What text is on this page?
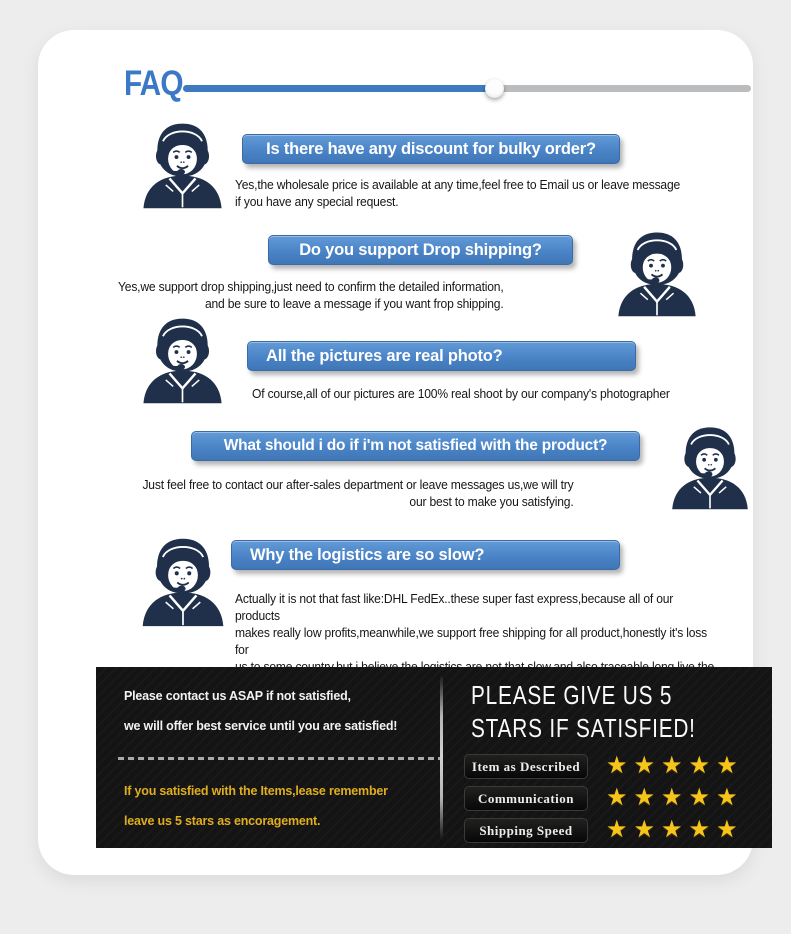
FAQ
Is there have any discount for bulky order?
Yes,the wholesale price is available at any time,feel free to Email us or leave message
if you have any special request.
Do you support Drop shipping?
Yes,we support drop shipping,just need to confirm the detailed information,
and be sure to leave a message if you want frop shipping.
All the pictures are real photo?
Of course,all of our pictures are 100% real shoot by our company's photographer
What should i do if i'm not satisfied with the product?
Just feel free to contact our after-sales department or leave messages us,we will try
our best to make you satisfying.
Why the logistics are so slow?
Actually it is not that fast like:DHL FedEx..these super fast express,because all of our products
makes really low profits,meanwhile,we support free shipping for all product,honestly it's loss for

Please contact us ASAP if not satisfied,
we will offer best service until you are satisfied!
If you satisfied with the Items,lease remember
leave us 5 stars as encoragement.
PLEASE GIVE US 5
STARS IF SATISFIED!
Item as Described	★★★★★
Communication	★★★★★
Shipping Speed	★★★★★
